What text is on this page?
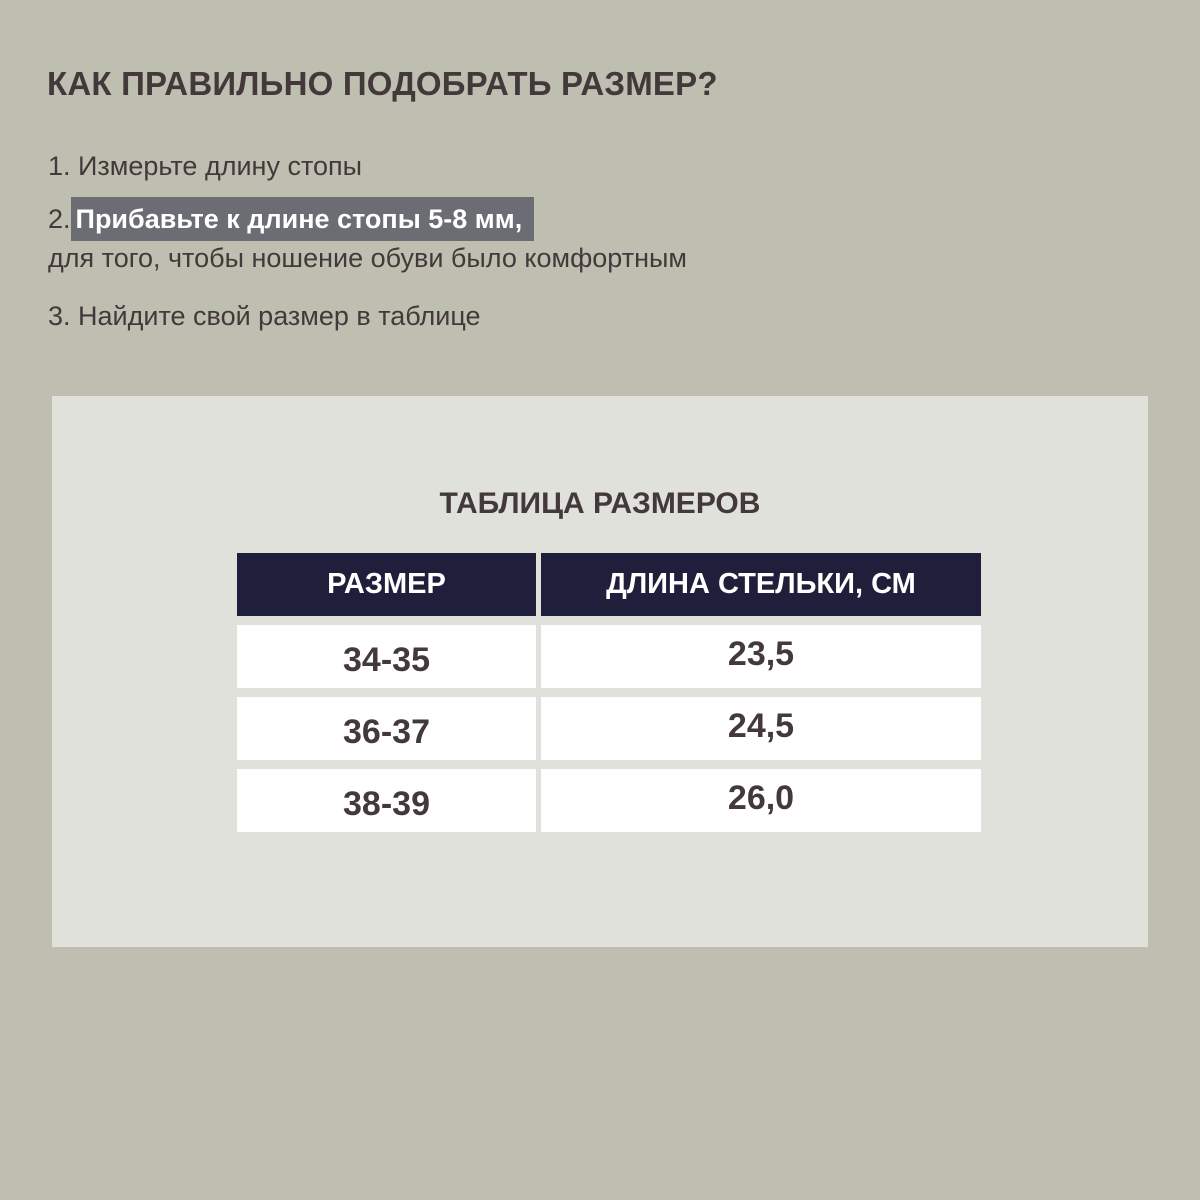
КАК ПРАВИЛЬНО ПОДОБРАТЬ РАЗМЕР?

1. Измерьте длину стопы

2. Прибавьте к длине стопы 5-8 мм,

для того, чтобы ношение обуви было комфортным

3. Найдите свой размер в таблице

ТАБЛИЦА РАЗМЕРОВ
РАЗМЕР	ДЛИНА СТЕЛЬКИ, СМ
34-35	23,5
36-37	24,5
38-39	26,0
